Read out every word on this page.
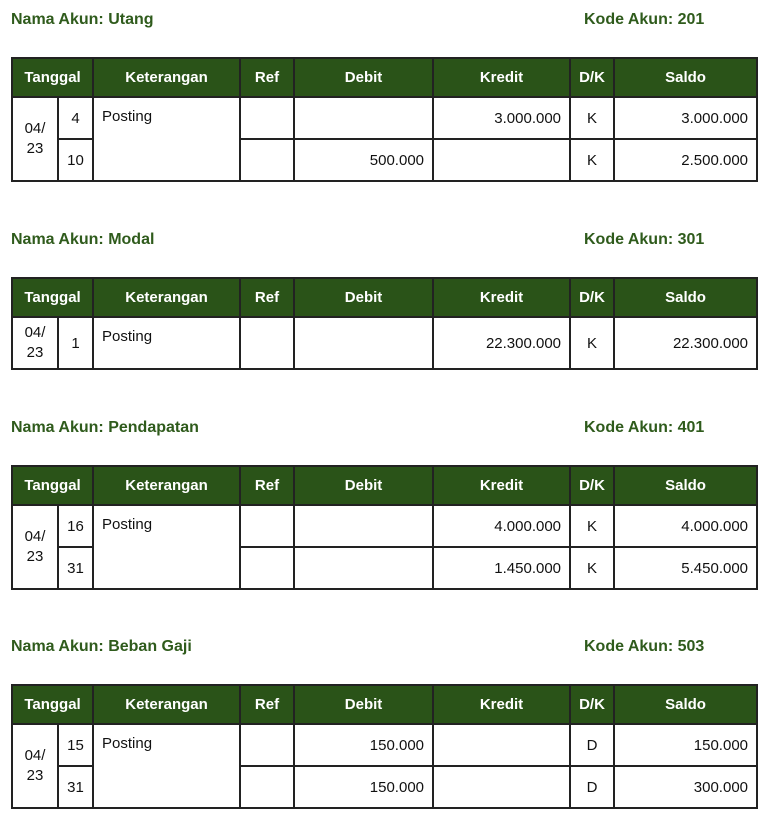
Nama Akun: Utang	Kode Akun: 201
Tanggal		Keterangan	Ref	Debit	Kredit	D/K	Saldo
04/
23	4	Posting			3.000.000	K	3.000.000
	10			500.000		K	2.500.000
Nama Akun: Modal	Kode Akun: 301
Tanggal		Keterangan	Ref	Debit	Kredit	D/K	Saldo
04/
23	1	Posting			22.300.000	K	22.300.000
Nama Akun: Pendapatan	Kode Akun: 401
Tanggal		Keterangan	Ref	Debit	Kredit	D/K	Saldo
04/
23	16	Posting			4.000.000	K	4.000.000
	31				1.450.000	K	5.450.000
Nama Akun: Beban Gaji	Kode Akun: 503
Tanggal		Keterangan	Ref	Debit	Kredit	D/K	Saldo
04/
23	15	Posting		150.000		D	150.000
	31			150.000		D	300.000
